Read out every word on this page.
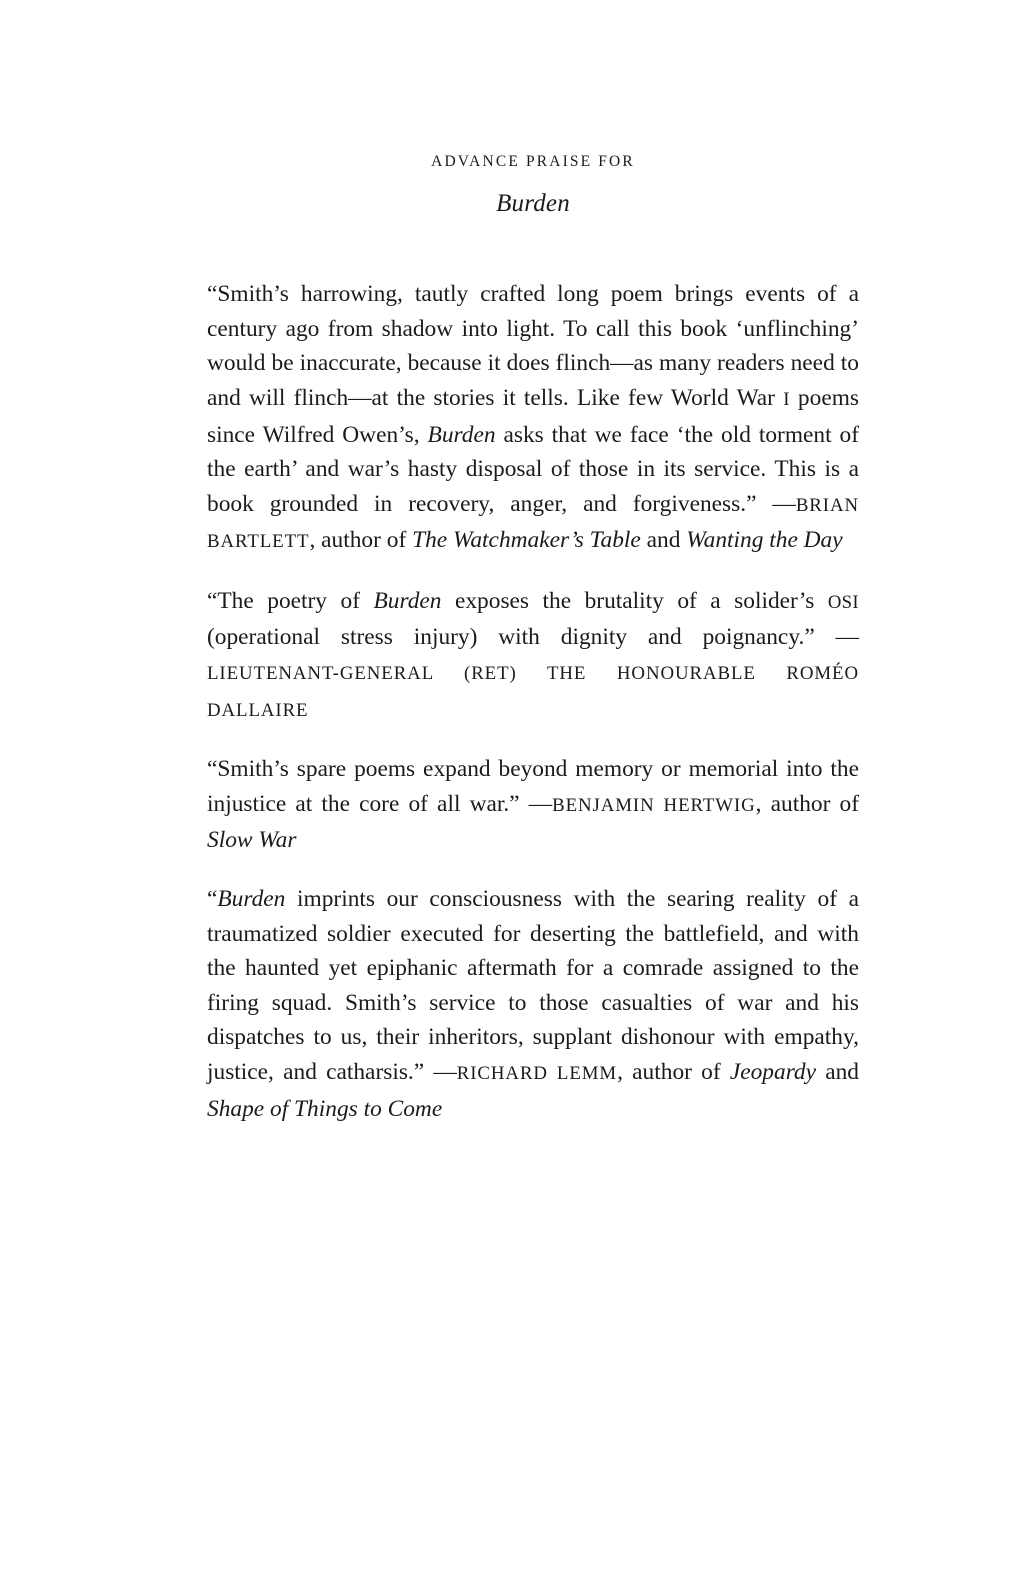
ADVANCE PRAISE FOR
Burden

“Smith’s harrowing, tautly crafted long poem brings events of a century ago from shadow into light. To call this book ‘unflinching’ would be inaccurate, because it does flinch—as many readers need to and will flinch—at the stories it tells. Like few World War I poems since Wilfred Owen’s, Burden asks that we face ‘the old torment of the earth’ and war’s hasty disposal of those in its service. This is a book grounded in recovery, anger, and forgiveness.” —BRIAN BARTLETT, author of The Watchmaker’s Table and Wanting the Day

“The poetry of Burden exposes the brutality of a solider’s OSI (operational stress injury) with dignity and poignancy.” —LIEUTENANT-GENERAL (RET) THE HONOURABLE ROMÉO DALLAIRE

“Smith’s spare poems expand beyond memory or memorial into the injustice at the core of all war.” —BENJAMIN HERTWIG, author of Slow War

“Burden imprints our consciousness with the searing reality of a traumatized soldier executed for deserting the battlefield, and with the haunted yet epiphanic aftermath for a comrade assigned to the firing squad. Smith’s service to those casualties of war and his dispatches to us, their inheritors, supplant dishonour with empathy, justice, and catharsis.” —RICHARD LEMM, author of Jeopardy and Shape of Things to Come
